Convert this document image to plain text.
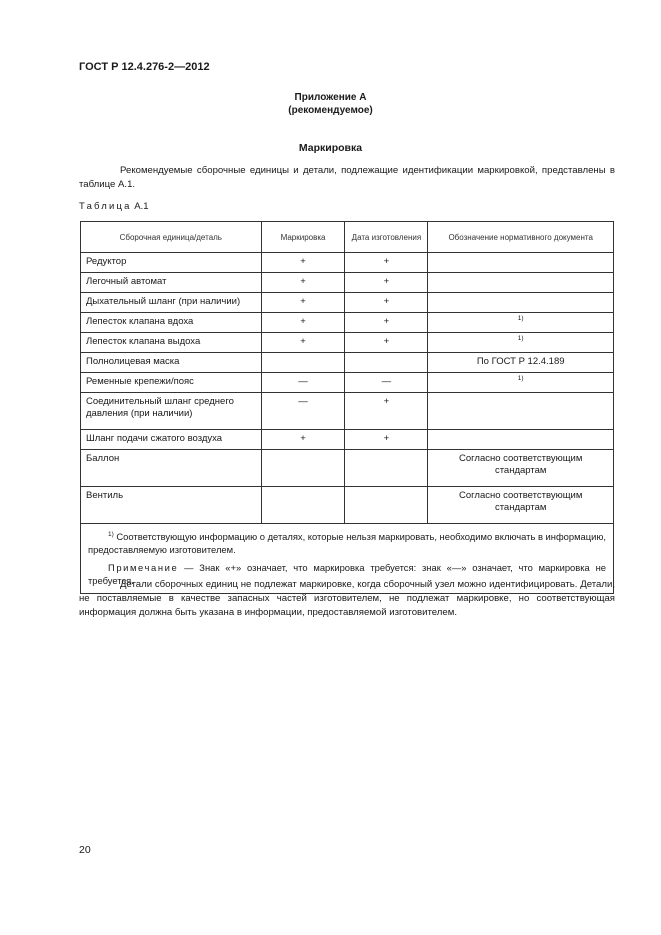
ГОСТ Р 12.4.276-2—2012
Приложение А
(рекомендуемое)
Маркировка

Рекомендуемые сборочные единицы и детали, подлежащие идентификации маркировкой, представлены в таблице А.1.

Таблица А.1
Сборочная единица/деталь	Маркировка	Дата изготовления	Обозначение нормативного документа
Редуктор	+	+	
Легочный автомат	+	+	
Дыхательный шланг (при наличии)	+	+	
Лепесток клапана вдоха	+	+	$^{1)}$
Лепесток клапана выдоха	+	+	$^{1)}$
Полнолицевая маска			По ГОСТ Р 12.4.189
Ременные крепежи/пояс	—	—	$^{1)}$
Соединительный шланг среднего давления (при наличии)	—	+	
Шланг подачи сжатого воздуха	+	+	
Баллон			Согласно соответствующим стандартам
Вентиль			Согласно соответствующим стандартам

$^{1)}$ Соответствующую информацию о деталях, которые нельзя маркировать, необходимо включать в информацию, предоставляемую изготовителем.

Примечание — Знак «+» означает, что маркировка требуется: знак «—» означает, что маркировка не требуется.			

Детали сборочных единиц не подлежат маркировке, когда сборочный узел можно идентифицировать. Детали, не поставляемые в качестве запасных частей изготовителем, не подлежат маркировке, но соответствующая информация должна быть указана в информации, предоставляемой изготовителем.

20
